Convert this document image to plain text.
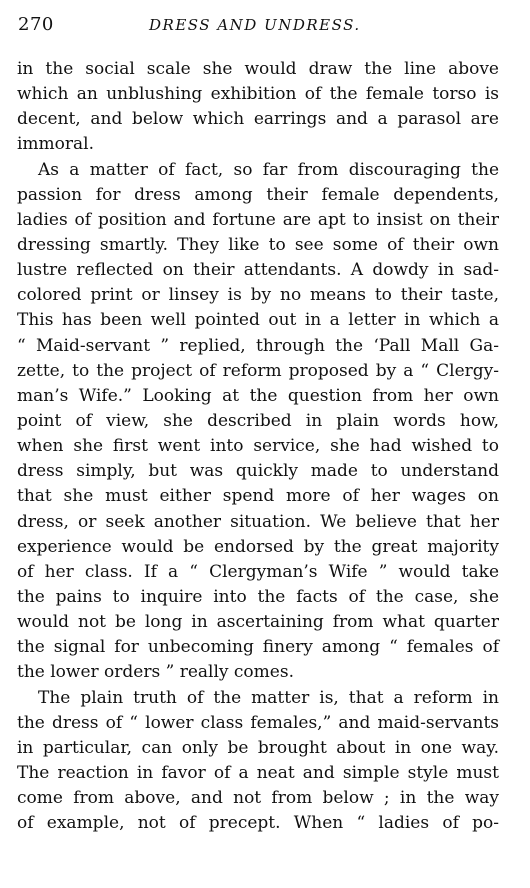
270	DRESS AND UNDRESS.
in the social scale she would draw the line above
which an unblushing exhibition of the female torso is
decent, and below which earrings and a parasol are
immoral.
As a matter of fact, so far from discouraging the
passion for dress among their female dependents,
ladies of position and fortune are apt to insist on their
dressing smartly. They like to see some of their own
lustre reflected on their attendants. A dowdy in sad-
colored print or linsey is by no means to their taste,
This has been well pointed out in a letter in which a
“ Maid-servant ” replied, through the ‘Pall Mall Ga-
zette, to the project of reform proposed by a “ Clergy-
man’s Wife.” Looking at the question from her own
point of view, she described in plain words how,
when she first went into service, she had wished to
dress simply, but was quickly made to understand
that she must either spend more of her wages on
dress, or seek another situation. We believe that her
experience would be endorsed by the great majority
of her class. If a “ Clergyman’s Wife ” would take
the pains to inquire into the facts of the case, she
would not be long in ascertaining from what quarter
the signal for unbecoming finery among “ females of
the lower orders ” really comes.
The plain truth of the matter is, that a reform in
the dress of “ lower class females,” and maid-servants
in particular, can only be brought about in one way.
The reaction in favor of a neat and simple style must
come from above, and not from below ; in the way
of example, not of precept. When “ ladies of po-
